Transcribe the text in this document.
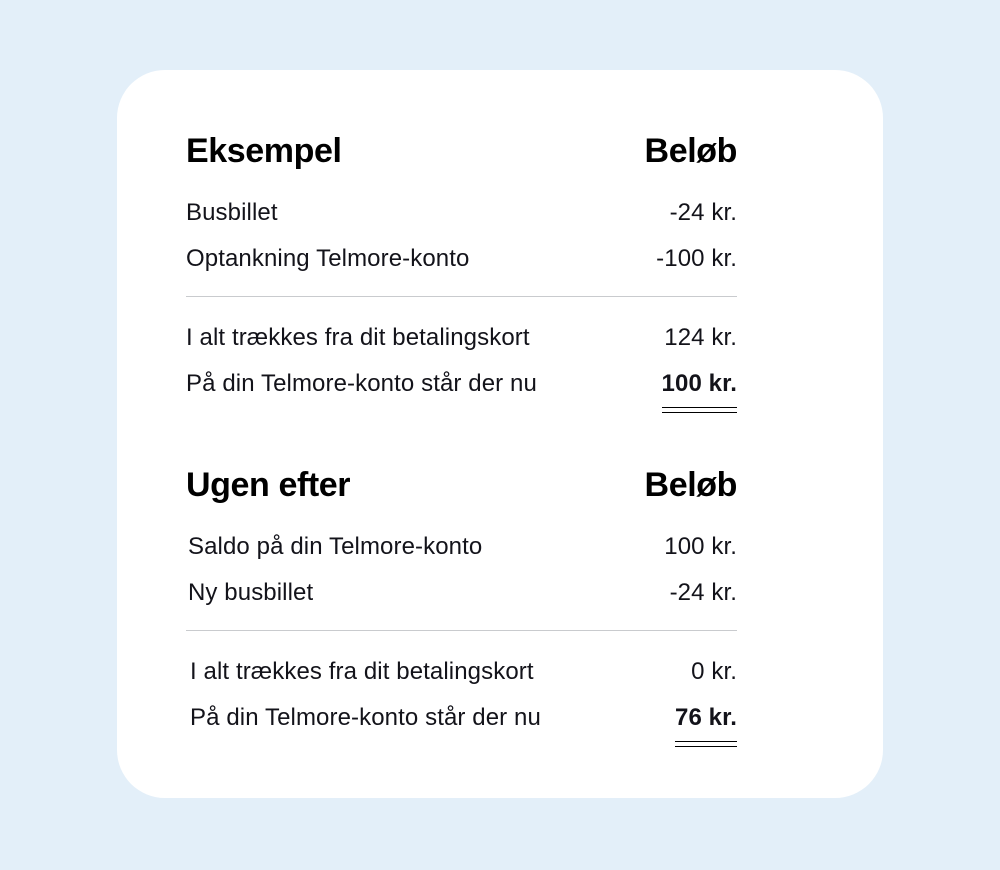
Eksempel	Beløb
Busbillet	-24 kr.
Optankning Telmore-konto	-100 kr.
I alt trækkes fra dit betalingskort	124 kr.
På din Telmore-konto står der nu	100 kr.
Ugen efter	Beløb
Saldo på din Telmore-konto	100 kr.
Ny busbillet	-24 kr.
I alt trækkes fra dit betalingskort	0 kr.
På din Telmore-konto står der nu	76 kr.
